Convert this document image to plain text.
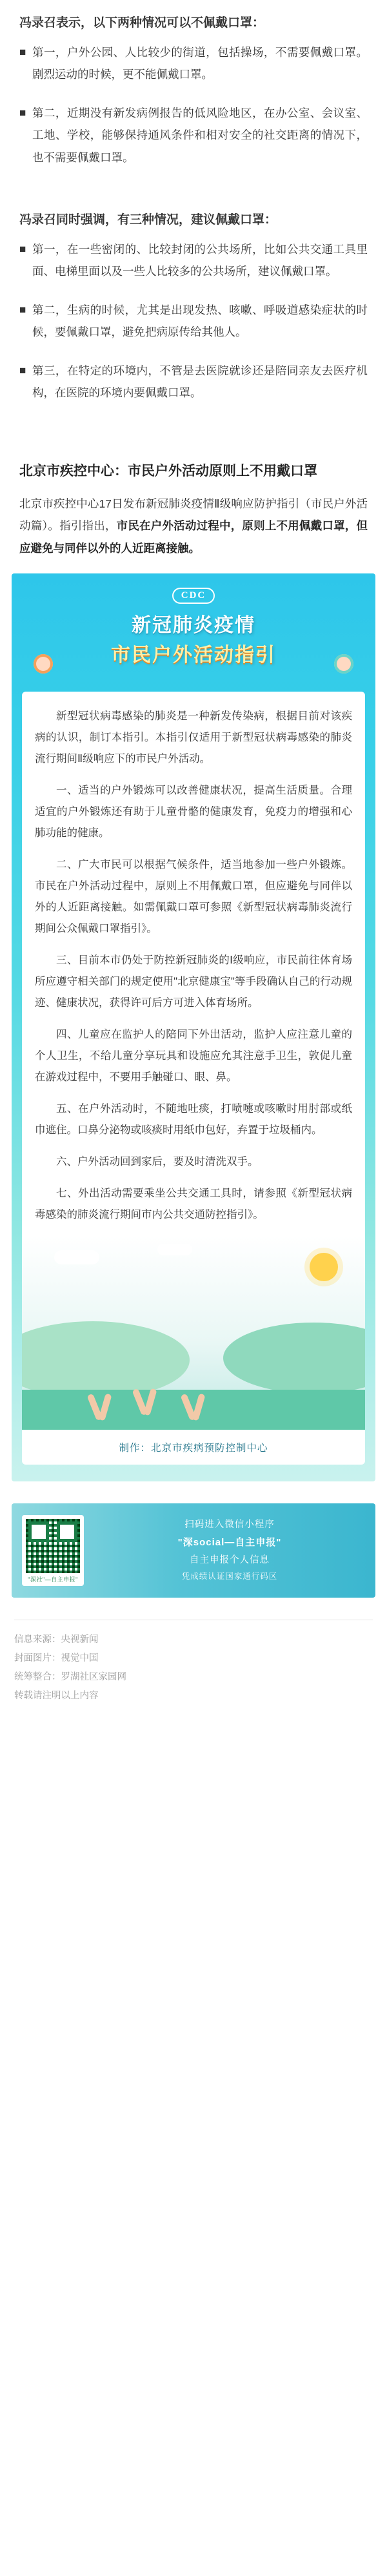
冯录召表示，以下两种情况可以不佩戴口罩：

■ 第一，户外公园、人比较少的街道，包括操场，不需要佩戴口罩。剧烈运动的时候，更不能佩戴口罩。
■ 第二，近期没有新发病例报告的低风险地区，在办公室、会议室、工地、学校，能够保持通风条件和相对安全的社交距离的情况下，也不需要佩戴口罩。

冯录召同时强调，有三种情况，建议佩戴口罩：

■ 第一，在一些密闭的、比较封闭的公共场所，比如公共交通工具里面、电梯里面以及一些人比较多的公共场所，建议佩戴口罩。
■ 第二，生病的时候，尤其是出现发热、咳嗽、呼吸道感染症状的时候，要佩戴口罩，避免把病原传给其他人。
■ 第三，在特定的环境内，不管是去医院就诊还是陪同亲友去医疗机构，在医院的环境内要佩戴口罩。
北京市疾控中心：市民户外活动原则上不用戴口罩

北京市疾控中心17日发布新冠肺炎疫情Ⅱ级响应防护指引（市民户外活动篇）。指引指出，市民在户外活动过程中，原则上不用佩戴口罩，但应避免与同伴以外的人近距离接触。

CDC
新冠肺炎疫情
市民户外活动指引

新型冠状病毒感染的肺炎是一种新发传染病，根据目前对该疾病的认识，制订本指引。本指引仅适用于新型冠状病毒感染的肺炎流行期间Ⅱ级响应下的市民户外活动。

一、适当的户外锻炼可以改善健康状况，提高生活质量。合理适宜的户外锻炼还有助于儿童骨骼的健康发育，免疫力的增强和心肺功能的健康。

二、广大市民可以根据气候条件，适当地参加一些户外锻炼。市民在户外活动过程中，原则上不用佩戴口罩，但应避免与同伴以外的人近距离接触。如需佩戴口罩可参照《新型冠状病毒肺炎流行期间公众佩戴口罩指引》。

三、目前本市仍处于防控新冠肺炎的Ⅰ级响应，市民前往体育场所应遵守相关部门的规定使用"北京健康宝"等手段确认自己的行动规迹、健康状况，获得许可后方可进入体育场所。

四、儿童应在监护人的陪同下外出活动，监护人应注意儿童的个人卫生，不给儿童分享玩具和设施应允其注意手卫生，敦促儿童在游戏过程中，不要用手触碰口、眼、鼻。

五、在户外活动时，不随地吐痰，打喷嚏或咳嗽时用肘部或纸巾遮住。口鼻分泌物或咳痰时用纸巾包好，弃置于垃圾桶内。

六、户外活动回到家后，要及时清洗双手。

七、外出活动需要乘坐公共交通工具时，请参照《新型冠状病毒感染的肺炎流行期间市内公共交通防控指引》。

制作：北京市疾病预防控制中心
"深社"—自主申报"
扫码进入微信小程序
"深social—自主申报"
自主申报个人信息
凭成绩认证国家通行码区
信息来源：央视新闻
封面图片：视觉中国
统筹整合：罗湖社区家园网
转载请注明以上内容
